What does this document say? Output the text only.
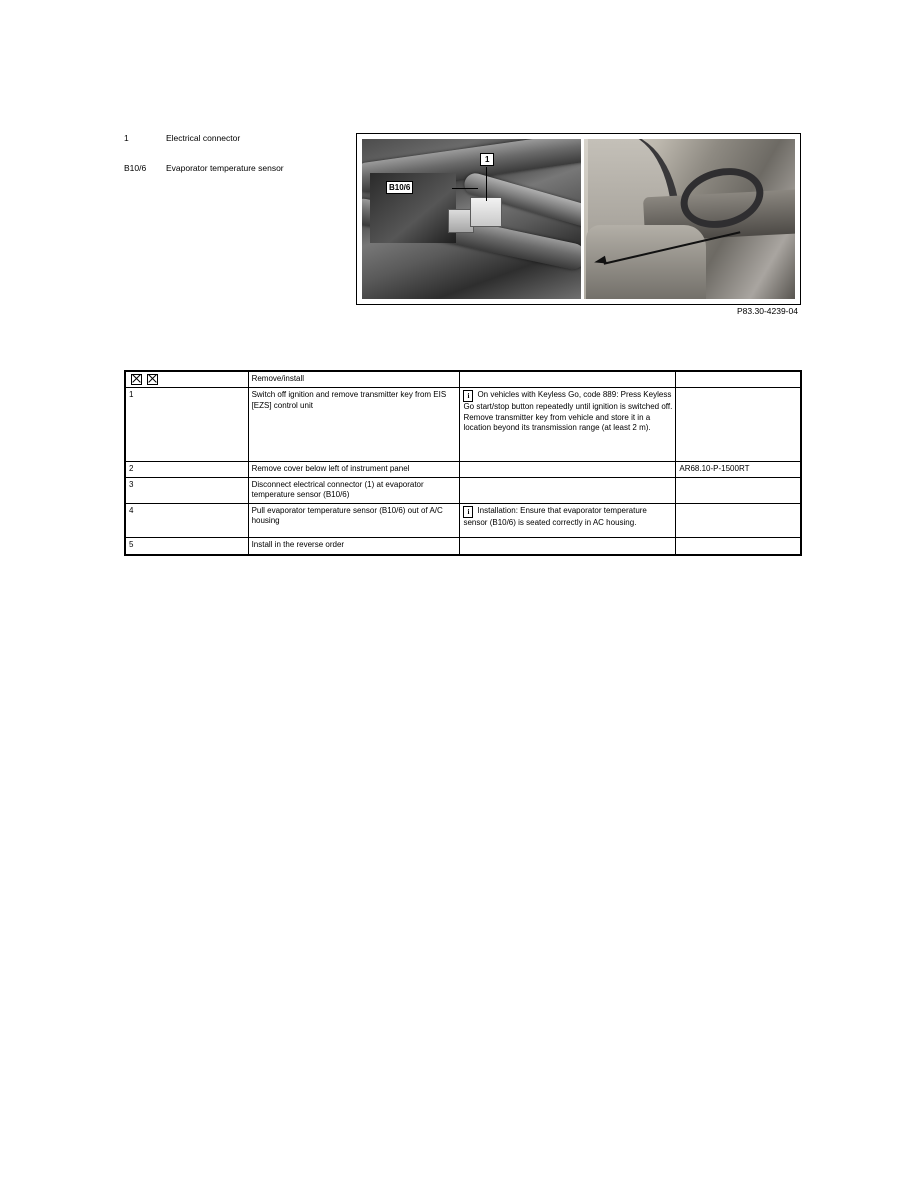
1	Electrical connector
B10/6	Evaporator temperature sensor
B10/6
1
P83.30-4239-04
	Remove/install		
1	Switch off ignition and remove transmitter key from EIS [EZS] control unit	i On vehicles with Keyless Go, code 889: Press Keyless Go start/stop button repeatedly until ignition is switched off. Remove transmitter key from vehicle and store it in a location beyond its transmission range (at least 2 m).	
2	Remove cover below left of instrument panel		AR68.10-P-1500RT
3	Disconnect electrical connector (1) at evaporator temperature sensor (B10/6)		
4	Pull evaporator temperature sensor (B10/6) out of A/C housing	i Installation: Ensure that evaporator temperature sensor (B10/6) is seated correctly in AC housing.	
5	Install in the reverse order		
